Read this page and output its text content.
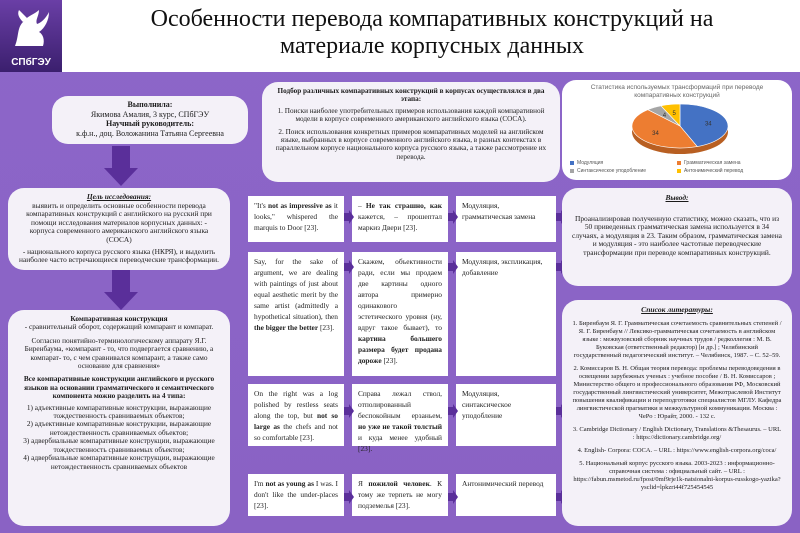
СПбГЭУ
Особенности перевода компаративных конструкций на
материале корпусных данных
Выполнила:
Якимова Амалия, 3 курс, СПбГЭУ
Научный руководитель:
к.ф.н., доц. Воложанина Татьяна Сергеевна
Подбор различных компаративных конструкций в корпусах осуществлялся в два этапа:
1. Поиски наиболее употребительных примеров использования каждой компаративной модели в корпусе современного американского английского языка (COCA).
2. Поиск использования конкретных примеров компаративных моделей на английском языке, выбранных в корпусе современного английского языка, в разных контекстах в параллельном корпусе национального корпуса русского языка, а также рассмотрение их перевода.
Статистика используемых трансформаций при переводе компаративных конструкций
34
34
4 5
Модуляция	Грамматическая замена
Синтаксическое уподобление	Антонимический перевод
Цель исследования:
выявить и определить основные особенности перевода компаративных конструкций с английского на русский при помощи исследования материалов корпусных данных: - корпуса современного американского английского языка (COCA)
- национального корпуса русского языка (НКРЯ), и выделить наиболее часто встречающиеся переводческие трансформации.
Компаративная конструкция
- сравнительный оборот, содержащий компарант и компарат.
Согласно понятийно-терминологическому аппарату Я.Г. Биренбаума, «компарант - то, что подвергается сравнению, а компарат- то, с чем сравнивался компарант, а также само основание для сравнения»
Все компаративные конструкции английского и русского языков на основании грамматического и семантического компонента можно разделить на 4 типа:
1) адъективные компаративные конструкции, выражающие тождественность сравниваемых объектов;
2) адъективные компаративные конструкции, выражающие нетождественность сравниваемых объектов;
3) адвербиальные компаративные конструкции, выражающие тождественность сравниваемых объектов;
4) адвербиальные компаративные конструкции, выражающие нетождественность сравниваемых объектов
"It's not as impressive as it looks," whispered the marquis to Door [23].
– Не так страшно, как кажется, – прошептал маркиз Двери [23].
Модуляция, грамматическая замена
Say, for the sake of argument, we are dealing with paintings of just about equal aesthetic merit by the same artist (admittedly a hypothetical situation), then the bigger the better [23].
Скажем, объективности ради, если мы продаем две картины одного автора примерно одинакового эстетического уровня (ну, вдруг такое бывает), то картина большего размера будет продана дороже [23].
Модуляция, экспликация, добавление
On the right was a log polished by restless seats along the top, but not so large as the chefs and not so comfortable [23].
Справа лежал ствол, отполированный беспокойным ерзаньем, но уже не такой толстый и куда менее удобный [23].
Модуляция, синтаксическое уподобление
I'm not as young as I was. I don't like the under-places [23].
Я пожилой человек. К тому же терпеть не могу подземелья [23].
Антонимический перевод
Вывод:
Проанализировав полученную статистику, можно сказать, что из 50 приведенных грамматическая замена используется в 34 случаях, а модуляция в 23. Таким образом, грамматическая замена и модуляция - это наиболее частотные переводческие трансформации при переводе компаративных конструкций.
Список литературы:
1. Биренбаум Я. Г. Грамматическая сочетаемость сравнительных степеней / Я. Г. Биренбаум // Лексико-грамматическая сочетаемость в английском языке : межвузовский сборник научных трудов / редколлегия : М. В. Буковская (ответственный редактор) [и др.] ; Челябинский государственный педагогический институт. – Челябинск, 1987. – С. 52–59.
2. Комиссаров В. Н. Общая теория перевода: проблемы переводоведения в освещении зарубежных ученых : учебное пособие / В. Н. Комиссаров ; Министерство общего и профессионального образования РФ, Московский государственный лингвистический университет, Межотраслевой Институт повышения квалификации и переподготовки специалистов МГЛУ. Кафедра лингвистической прагматики и межкультурной коммуникации. Москва : ЧеРо : Юрайт, 2000. - 132 с.
3. Cambridge Dictionary / English Dictionary, Translations &Thesaurus. – URL : https://dictionary.cambridge.org/
4. English- Corpora: COCA. – URL : https://www.english-corpora.org/coca/
5. Национальный корпус русского языка. 2003-2023 : информационно-справочная система : официальный сайт. – URL : https://fabun.msmetod.ru/fpost/0mf9rje1k-natsionalni-korpus-russkogo-yazika?ysclid=lpkzri44f725454545
